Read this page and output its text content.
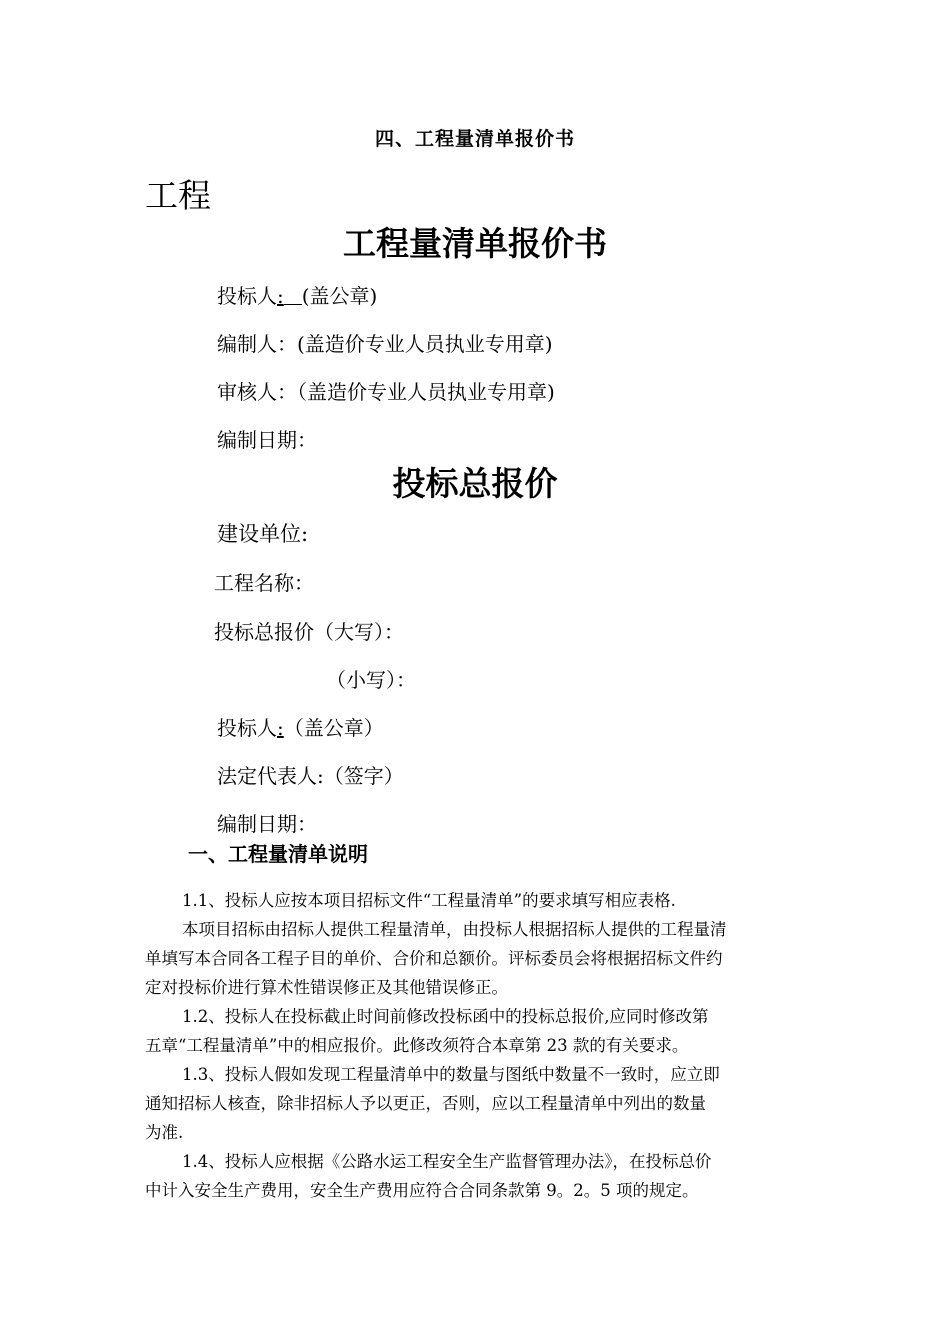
四、工程量清单报价书
工程
工程量清单报价书
投标人: (盖公章)
编制人：(盖造价专业人员执业专用章)
审核人：（盖造价专业人员执业专用章)
编制日期：
投标总报价
建设单位:
工程名称：
投标总报价（大写）：
（小写）：
投标人:（盖公章）
法定代表人:（签字）
编制日期：
一、工程量清单说明
1.1、投标人应按本项目招标文件“工程量清单”的要求填写相应表格.
本项目招标由招标人提供工程量清单，由投标人根据招标人提供的工程量清
单填写本合同各工程子目的单价、合价和总额价。评标委员会将根据招标文件约
定对投标价进行算术性错误修正及其他错误修正。
1.2、投标人在投标截止时间前修改投标函中的投标总报价,应同时修改第
五章“工程量清单”中的相应报价。此修改须符合本章第 23 款的有关要求。
1.3、投标人假如发现工程量清单中的数量与图纸中数量不一致时，应立即
通知招标人核查，除非招标人予以更正，否则，应以工程量清单中列出的数量
为准.
1.4、投标人应根据《公路水运工程安全生产监督管理办法》，在投标总价
中计入安全生产费用，安全生产费用应符合合同条款第 9。2。5 项的规定。
